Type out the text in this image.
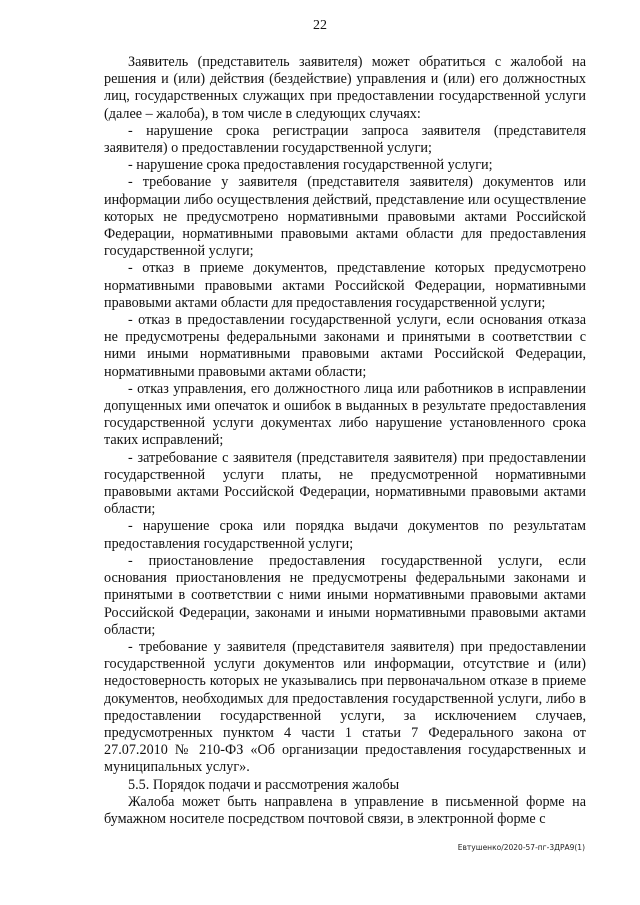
22

Заявитель (представитель заявителя) может обратиться с жалобой на решения и (или) действия (бездействие) управления и (или) его должностных лиц, государственных служащих при предоставлении государственной услуги (далее – жалоба), в том числе в следующих случаях:

- нарушение срока регистрации запроса заявителя (представителя заявителя) о предоставлении государственной услуги;

- нарушение срока предоставления государственной услуги;

- требование у заявителя (представителя заявителя) документов или информации либо осуществления действий, представление или осуществление которых не предусмотрено нормативными правовыми актами Российской Федерации, нормативными правовыми актами области для предоставления государственной услуги;

- отказ в приеме документов, представление которых предусмотрено нормативными правовыми актами Российской Федерации, нормативными правовыми актами области для предоставления государственной услуги;

- отказ в предоставлении государственной услуги, если основания отказа не предусмотрены федеральными законами и принятыми в соответствии с ними иными нормативными правовыми актами Российской Федерации, нормативными правовыми актами области;

- отказ управления, его должностного лица или работников в исправлении допущенных ими опечаток и ошибок в выданных в результате предоставления государственной услуги документах либо нарушение установленного срока таких исправлений;

- затребование с заявителя (представителя заявителя) при предоставлении государственной услуги платы, не предусмотренной нормативными правовыми актами Российской Федерации, нормативными правовыми актами области;

- нарушение срока или порядка выдачи документов по результатам предоставления государственной услуги;

- приостановление предоставления государственной услуги, если основания приостановления не предусмотрены федеральными законами и принятыми в соответствии с ними иными нормативными правовыми актами Российской Федерации, законами и иными нормативными правовыми актами области;

- требование у заявителя (представителя заявителя) при предоставлении государственной услуги документов или информации, отсутствие и (или) недостоверность которых не указывались при первоначальном отказе в приеме документов, необходимых для предоставления государственной услуги, либо в предоставлении государственной услуги, за исключением случаев, предусмотренных пунктом 4 части 1 статьи 7 Федерального закона от 27.07.2010 № 210-ФЗ «Об организации предоставления государственных и муниципальных услуг».

5.5. Порядок подачи и рассмотрения жалобы

Жалоба может быть направлена в управление в письменной форме на бумажном носителе посредством почтовой связи, в электронной форме с

Евтушенко/2020-57-пг-3ДРА9(1)
